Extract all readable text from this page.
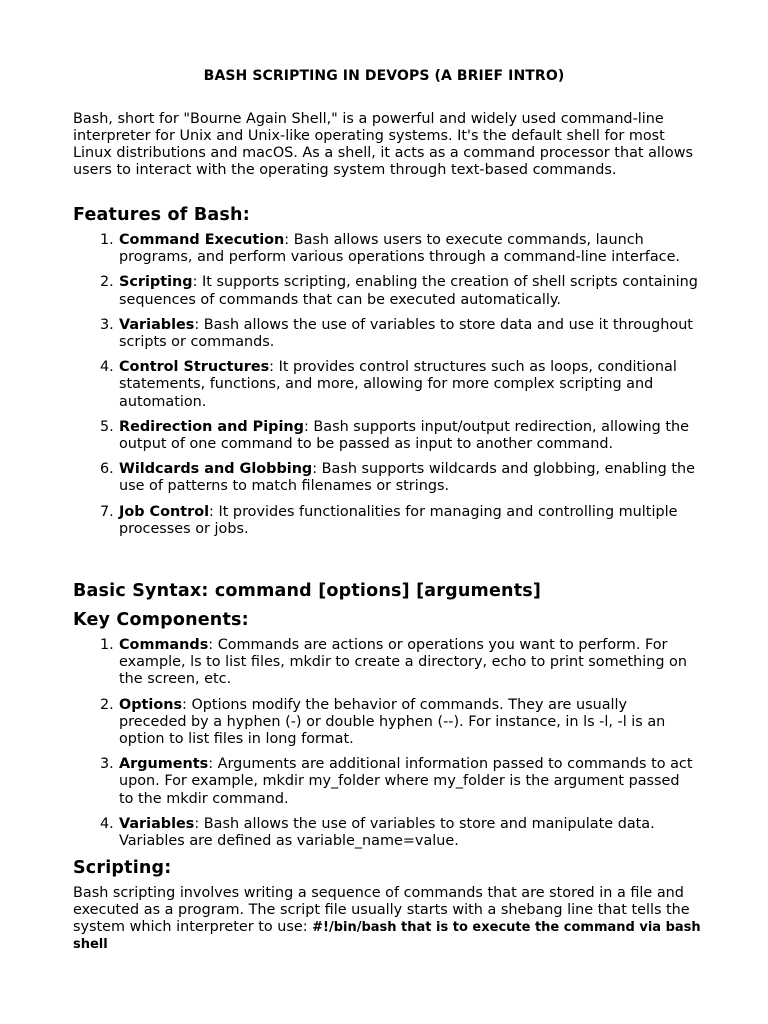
BASH SCRIPTING IN DEVOPS (A BRIEF INTRO)
Bash, short for "Bourne Again Shell," is a powerful and widely used command-line interpreter for Unix and Unix-like operating systems. It's the default shell for most Linux distributions and macOS. As a shell, it acts as a command processor that allows users to interact with the operating system through text-based commands.
Features of Bash:
1. Command Execution: Bash allows users to execute commands, launch programs, and perform various operations through a command-line interface.
2. Scripting: It supports scripting, enabling the creation of shell scripts containing sequences of commands that can be executed automatically.
3. Variables: Bash allows the use of variables to store data and use it throughout scripts or commands.
4. Control Structures: It provides control structures such as loops, conditional statements, functions, and more, allowing for more complex scripting and automation.
5. Redirection and Piping: Bash supports input/output redirection, allowing the output of one command to be passed as input to another command.
6. Wildcards and Globbing: Bash supports wildcards and globbing, enabling the use of patterns to match filenames or strings.
7. Job Control: It provides functionalities for managing and controlling multiple processes or jobs.
Basic Syntax: command [options] [arguments]
Key Components:
1. Commands: Commands are actions or operations you want to perform. For example, ls to list files, mkdir to create a directory, echo to print something on the screen, etc.
2. Options: Options modify the behavior of commands. They are usually preceded by a hyphen (-) or double hyphen (--). For instance, in ls -l, -l is an option to list files in long format.
3. Arguments: Arguments are additional information passed to commands to act upon. For example, mkdir my_folder where my_folder is the argument passed to the mkdir command.
4. Variables: Bash allows the use of variables to store and manipulate data. Variables are defined as variable_name=value.
Scripting:
Bash scripting involves writing a sequence of commands that are stored in a file and executed as a program. The script file usually starts with a shebang line that tells the system which interpreter to use: #!/bin/bash that is to execute the command via bash shell
